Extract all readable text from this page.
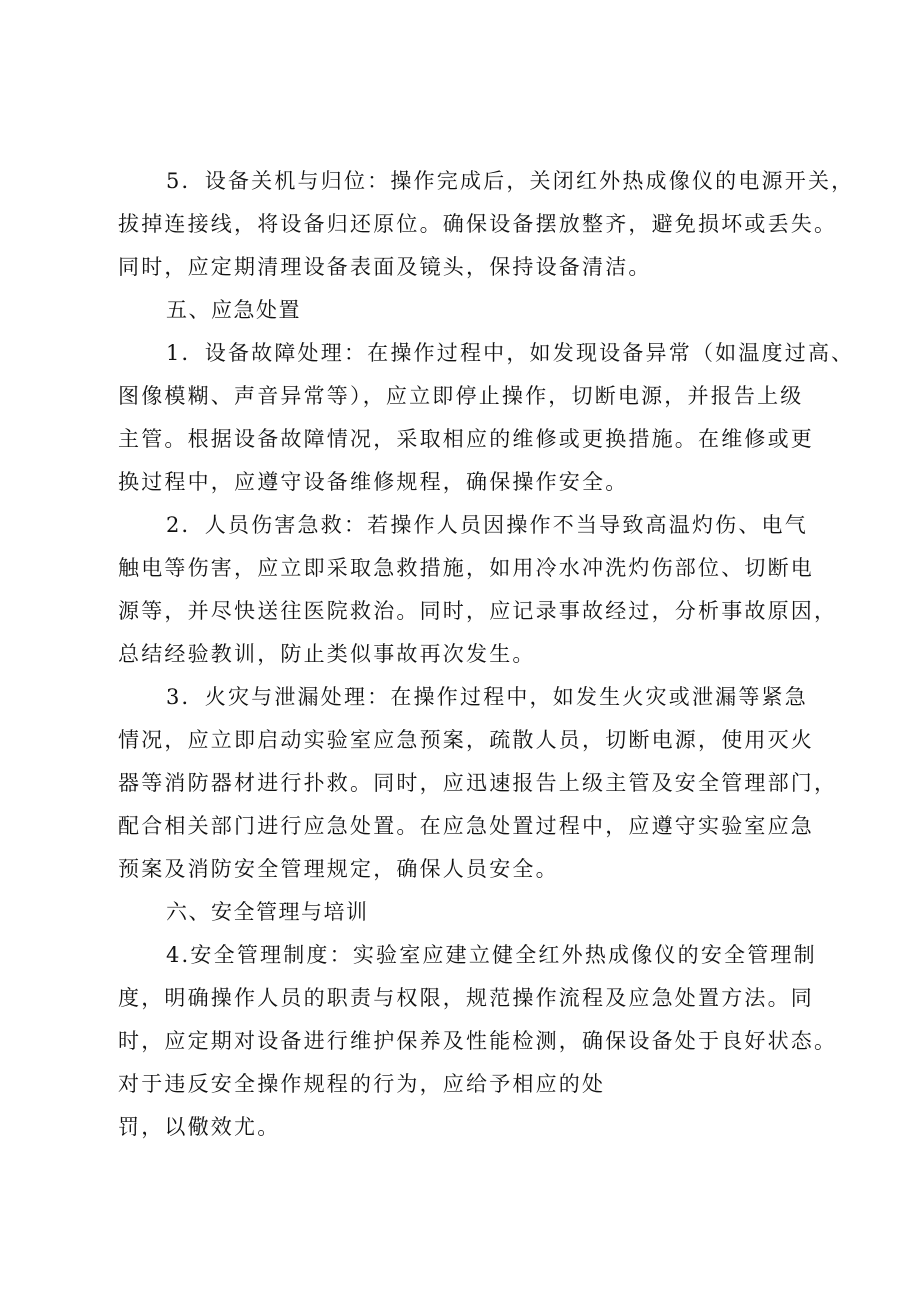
5．设备关机与归位：操作完成后，关闭红外热成像仪的电源开关，
拔掉连接线，将设备归还原位。确保设备摆放整齐，避免损坏或丢失。
同时，应定期清理设备表面及镜头，保持设备清洁。
五、应急处置
1．设备故障处理：在操作过程中，如发现设备异常（如温度过高、
图像模糊、声音异常等），应立即停止操作，切断电源，并报告上级
主管。根据设备故障情况，采取相应的维修或更换措施。在维修或更
换过程中，应遵守设备维修规程，确保操作安全。
2．人员伤害急救：若操作人员因操作不当导致高温灼伤、电气
触电等伤害，应立即采取急救措施，如用冷水冲洗灼伤部位、切断电
源等，并尽快送往医院救治。同时，应记录事故经过，分析事故原因，
总结经验教训，防止类似事故再次发生。
3．火灾与泄漏处理：在操作过程中，如发生火灾或泄漏等紧急
情况，应立即启动实验室应急预案，疏散人员，切断电源，使用灭火
器等消防器材进行扑救。同时，应迅速报告上级主管及安全管理部门，
配合相关部门进行应急处置。在应急处置过程中，应遵守实验室应急
预案及消防安全管理规定，确保人员安全。
六、安全管理与培训
4.安全管理制度：实验室应建立健全红外热成像仪的安全管理制
度，明确操作人员的职责与权限，规范操作流程及应急处置方法。同
时，应定期对设备进行维护保养及性能检测，确保设备处于良好状态。
对于违反安全操作规程的行为，应给予相应的处
罚，以儆效尤。
